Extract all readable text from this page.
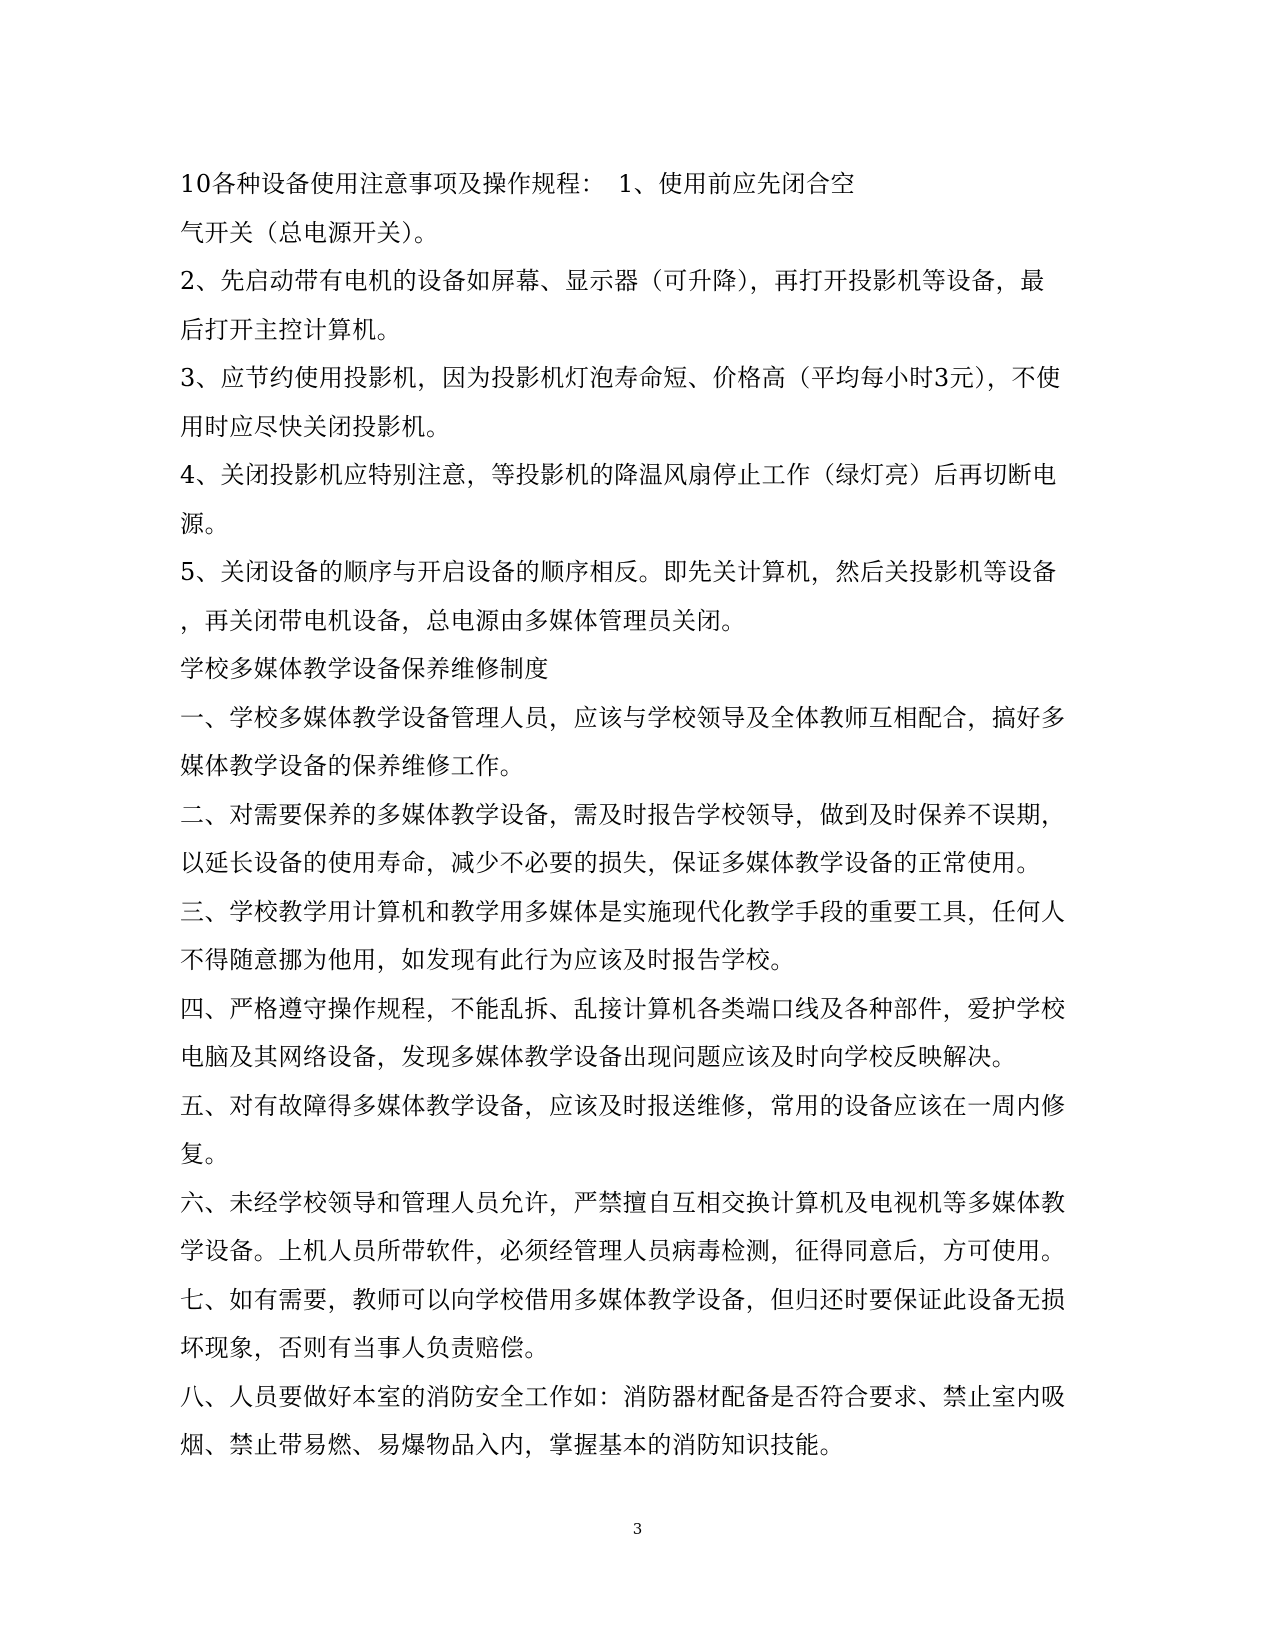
10各种设备使用注意事项及操作规程：　1、使用前应先闭合空
气开关（总电源开关）。
2、先启动带有电机的设备如屏幕、显示器（可升降），再打开投影机等设备，最
后打开主控计算机。
3、应节约使用投影机，因为投影机灯泡寿命短、价格高（平均每小时3元），不使
用时应尽快关闭投影机。
4、关闭投影机应特别注意，等投影机的降温风扇停止工作（绿灯亮）后再切断电
源。
5、关闭设备的顺序与开启设备的顺序相反。即先关计算机，然后关投影机等设备
，再关闭带电机设备，总电源由多媒体管理员关闭。
学校多媒体教学设备保养维修制度
一、学校多媒体教学设备管理人员，应该与学校领导及全体教师互相配合，搞好多
媒体教学设备的保养维修工作。
二、对需要保养的多媒体教学设备，需及时报告学校领导，做到及时保养不误期，
以延长设备的使用寿命，减少不必要的损失，保证多媒体教学设备的正常使用。
三、学校教学用计算机和教学用多媒体是实施现代化教学手段的重要工具，任何人
不得随意挪为他用，如发现有此行为应该及时报告学校。
四、严格遵守操作规程，不能乱拆、乱接计算机各类端口线及各种部件，爱护学校
电脑及其网络设备，发现多媒体教学设备出现问题应该及时向学校反映解决。
五、对有故障得多媒体教学设备，应该及时报送维修，常用的设备应该在一周内修
复。
六、未经学校领导和管理人员允许，严禁擅自互相交换计算机及电视机等多媒体教
学设备。上机人员所带软件，必须经管理人员病毒检测，征得同意后，方可使用。
七、如有需要，教师可以向学校借用多媒体教学设备，但归还时要保证此设备无损
坏现象，否则有当事人负责赔偿。
八、人员要做好本室的消防安全工作如：消防器材配备是否符合要求、禁止室内吸
烟、禁止带易燃、易爆物品入内，掌握基本的消防知识技能。
3
